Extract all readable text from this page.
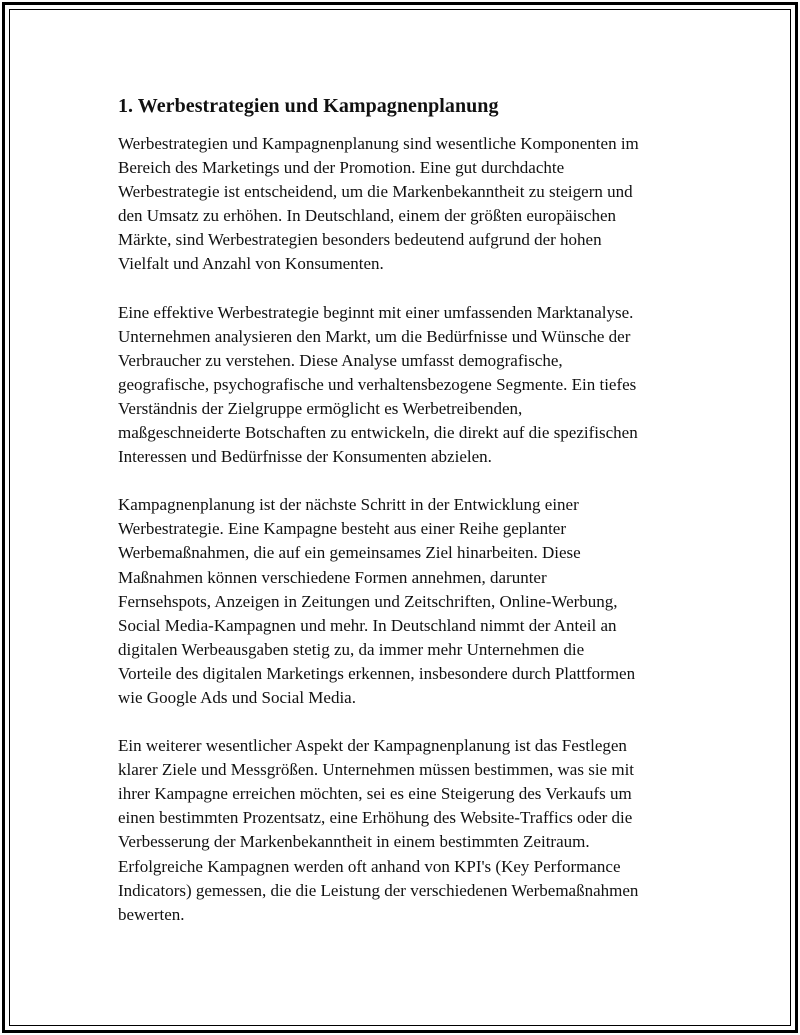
1. Werbestrategien und Kampagnenplanung

Werbestrategien und Kampagnenplanung sind wesentliche Komponenten im
Bereich des Marketings und der Promotion. Eine gut durchdachte
Werbestrategie ist entscheidend, um die Markenbekanntheit zu steigern und
den Umsatz zu erhöhen. In Deutschland, einem der größten europäischen
Märkte, sind Werbestrategien besonders bedeutend aufgrund der hohen
Vielfalt und Anzahl von Konsumenten.

Eine effektive Werbestrategie beginnt mit einer umfassenden Marktanalyse.
Unternehmen analysieren den Markt, um die Bedürfnisse und Wünsche der
Verbraucher zu verstehen. Diese Analyse umfasst demografische,
geografische, psychografische und verhaltensbezogene Segmente. Ein tiefes
Verständnis der Zielgruppe ermöglicht es Werbetreibenden,
maßgeschneiderte Botschaften zu entwickeln, die direkt auf die spezifischen
Interessen und Bedürfnisse der Konsumenten abzielen.

Kampagnenplanung ist der nächste Schritt in der Entwicklung einer
Werbestrategie. Eine Kampagne besteht aus einer Reihe geplanter
Werbemaßnahmen, die auf ein gemeinsames Ziel hinarbeiten. Diese
Maßnahmen können verschiedene Formen annehmen, darunter
Fernsehspots, Anzeigen in Zeitungen und Zeitschriften, Online-Werbung,
Social Media-Kampagnen und mehr. In Deutschland nimmt der Anteil an
digitalen Werbeausgaben stetig zu, da immer mehr Unternehmen die
Vorteile des digitalen Marketings erkennen, insbesondere durch Plattformen
wie Google Ads und Social Media.

Ein weiterer wesentlicher Aspekt der Kampagnenplanung ist das Festlegen
klarer Ziele und Messgrößen. Unternehmen müssen bestimmen, was sie mit
ihrer Kampagne erreichen möchten, sei es eine Steigerung des Verkaufs um
einen bestimmten Prozentsatz, eine Erhöhung des Website-Traffics oder die
Verbesserung der Markenbekanntheit in einem bestimmten Zeitraum.
Erfolgreiche Kampagnen werden oft anhand von KPI's (Key Performance
Indicators) gemessen, die die Leistung der verschiedenen Werbemaßnahmen
bewerten.
